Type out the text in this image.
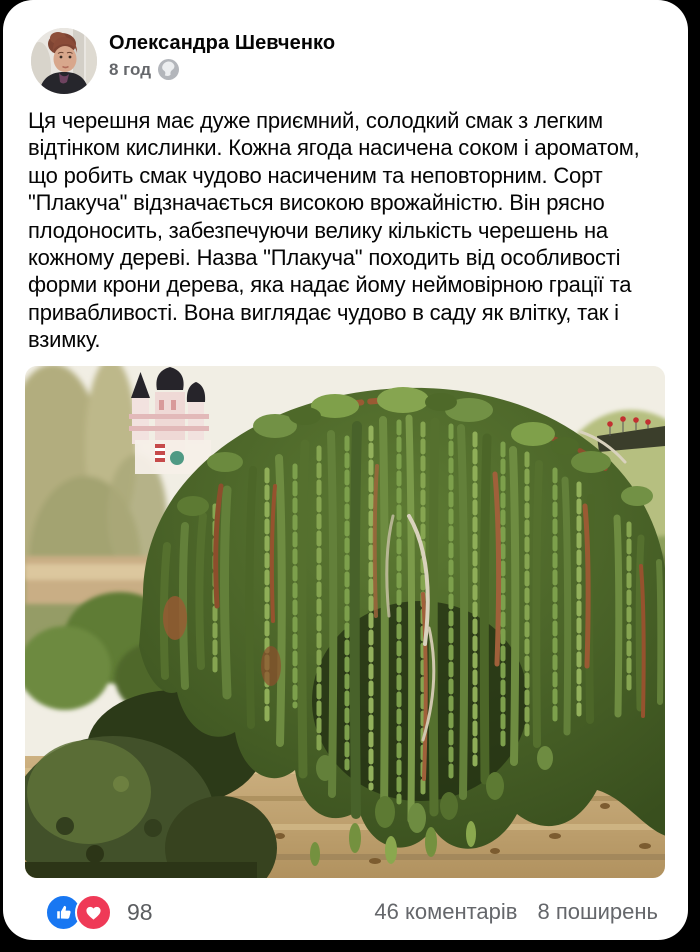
Олександра Шевченко
8 год
Ця черешня має дуже приємний, солодкий смак з легким відтінком кислинки. Кожна ягода насичена соком і ароматом, що робить смак чудово насиченим та неповторним. Сорт "Плакуча" відзначається високою врожайністю. Він рясно плодоносить, забезпечуючи велику кількість черешень на кожному дереві. Назва "Плакуча" походить від особливості форми крони дерева, яка надає йому неймовірною грації та привабливості. Вона виглядає чудово в саду як влітку, так і взимку.
98	46 коментарів 8 поширень
